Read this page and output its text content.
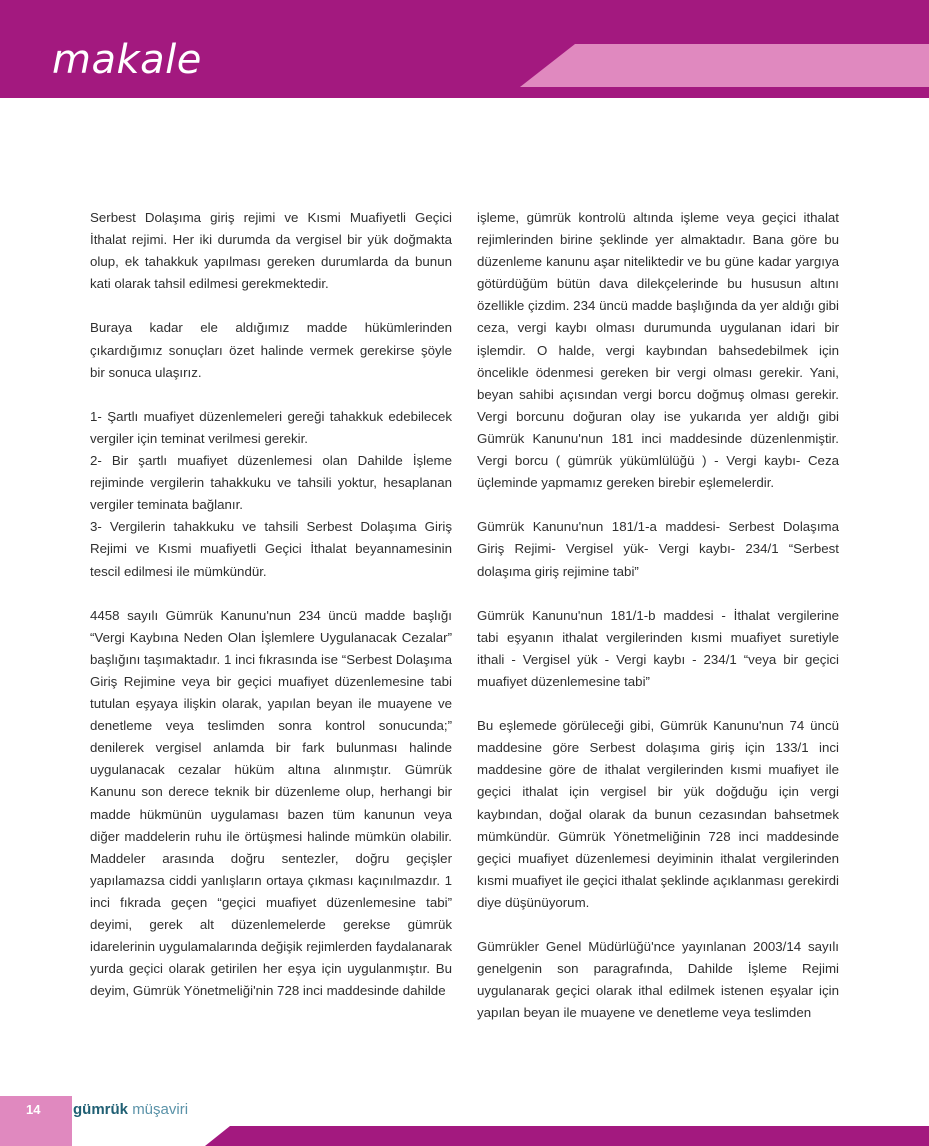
makale

Serbest Dolaşıma giriş rejimi ve Kısmi Muafiyetli Geçici İthalat rejimi. Her iki durumda da vergisel bir yük doğmakta olup, ek tahakkuk yapılması gereken durumlarda da bunun kati olarak tahsil edilmesi gerekmektedir.

Buraya kadar ele aldığımız madde hükümlerinden çıkardığımız sonuçları özet halinde vermek gerekirse şöyle bir sonuca ulaşırız.

1- Şartlı muafiyet düzenlemeleri gereği tahakkuk edebilecek vergiler için teminat verilmesi gerekir.

2- Bir şartlı muafiyet düzenlemesi olan Dahilde İşleme rejiminde vergilerin tahakkuku ve tahsili yoktur, hesaplanan vergiler teminata bağlanır.

3- Vergilerin tahakkuku ve tahsili Serbest Dolaşıma Giriş Rejimi ve Kısmi muafiyetli Geçici İthalat beyannamesinin tescil edilmesi ile mümkündür.

4458 sayılı Gümrük Kanunu'nun 234 üncü madde başlığı “Vergi Kaybına Neden Olan İşlemlere Uygulanacak Cezalar” başlığını taşımaktadır. 1 inci fıkrasında ise “Serbest Dolaşıma Giriş Rejimine veya bir geçici muafiyet düzenlemesine tabi tutulan eşyaya ilişkin olarak, yapılan beyan ile muayene ve denetleme veya teslimden sonra kontrol sonucunda;” denilerek vergisel anlamda bir fark bulunması halinde uygulanacak cezalar hüküm altına alınmıştır. Gümrük Kanunu son derece teknik bir düzenleme olup, herhangi bir madde hükmünün uygulaması bazen tüm kanunun veya diğer maddelerin ruhu ile örtüşmesi halinde mümkün olabilir. Maddeler arasında doğru sentezler, doğru geçişler yapılamazsa ciddi yanlışların ortaya çıkması kaçınılmazdır. 1 inci fıkrada geçen “geçici muafiyet düzenlemesine tabi” deyimi, gerek alt düzenlemelerde gerekse gümrük idarelerinin uygulamalarında değişik rejimlerden faydalanarak yurda geçici olarak getirilen her eşya için uygulanmıştır. Bu deyim, Gümrük Yönetmeliği'nin 728 inci maddesinde dahilde

işleme, gümrük kontrolü altında işleme veya geçici ithalat rejimlerinden birine şeklinde yer almaktadır. Bana göre bu düzenleme kanunu aşar niteliktedir ve bu güne kadar yargıya götürdüğüm bütün dava dilekçelerinde bu hususun altını özellikle çizdim. 234 üncü madde başlığında da yer aldığı gibi ceza, vergi kaybı olması durumunda uygulanan idari bir işlemdir. O halde, vergi kaybından bahsedebilmek için öncelikle ödenmesi gereken bir vergi olması gerekir. Yani, beyan sahibi açısından vergi borcu doğmuş olması gerekir. Vergi borcunu doğuran olay ise yukarıda yer aldığı gibi Gümrük Kanunu'nun 181 inci maddesinde düzenlenmiştir. Vergi borcu ( gümrük yükümlülüğü ) - Vergi kaybı- Ceza üçleminde yapmamız gereken birebir eşlemelerdir.

Gümrük Kanunu'nun 181/1-a maddesi- Serbest Dolaşıma Giriş Rejimi- Vergisel yük- Vergi kaybı- 234/1 “Serbest dolaşıma giriş rejimine tabi”

Gümrük Kanunu'nun 181/1-b maddesi - İthalat vergilerine tabi eşyanın ithalat vergilerinden kısmi muafiyet suretiyle ithali - Vergisel yük - Vergi kaybı - 234/1 “veya bir geçici muafiyet düzenlemesine tabi”

Bu eşlemede görüleceği gibi, Gümrük Kanunu'nun 74 üncü maddesine göre Serbest dolaşıma giriş için 133/1 inci maddesine göre de ithalat vergilerinden kısmi muafiyet ile geçici ithalat için vergisel bir yük doğduğu için vergi kaybından, doğal olarak da bunun cezasından bahsetmek mümkündür. Gümrük Yönetmeliğinin 728 inci maddesinde geçici muafiyet düzenlemesi deyiminin ithalat vergilerinden kısmi muafiyet ile geçici ithalat şeklinde açıklanması gerekirdi diye düşünüyorum.

Gümrükler Genel Müdürlüğü'nce yayınlanan 2003/14 sayılı genelgenin son paragrafında, Dahilde İşleme Rejimi uygulanarak geçici olarak ithal edilmek istenen eşyalar için yapılan beyan ile muayene ve denetleme veya teslimden

14 gümrük müşaviri
